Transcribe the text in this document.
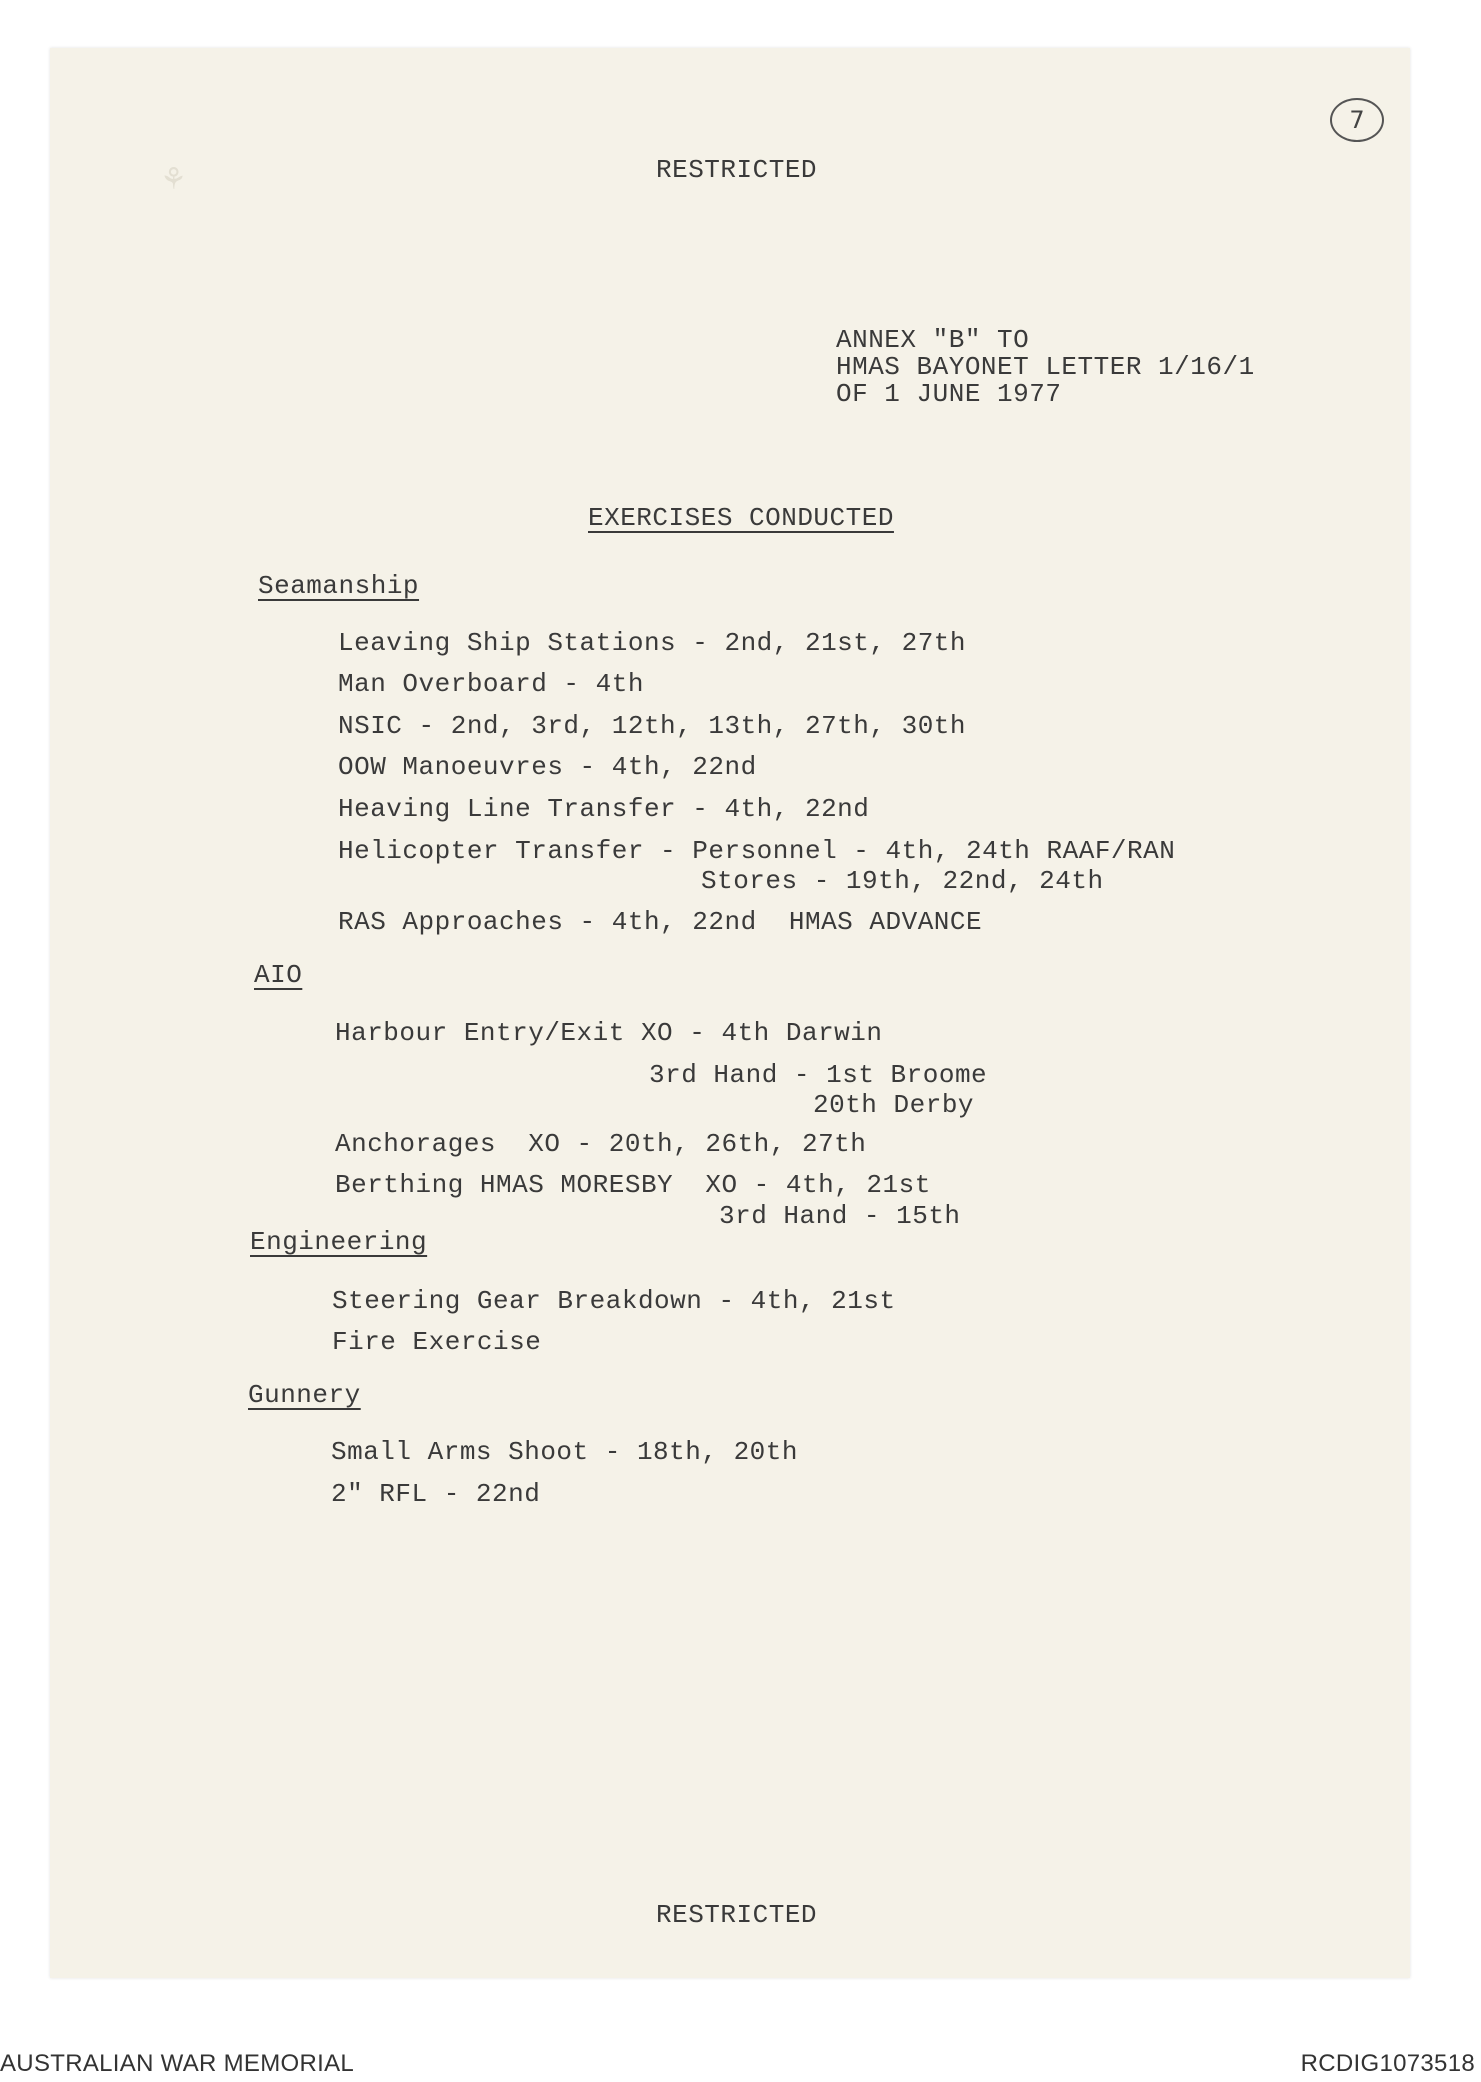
⚘
7
RESTRICTED
ANNEX "B" TO
HMAS BAYONET LETTER 1/16/1
OF 1 JUNE 1977
EXERCISES CONDUCTED
Seamanship
Leaving Ship Stations - 2nd, 21st, 27th
Man Overboard - 4th
NSIC - 2nd, 3rd, 12th, 13th, 27th, 30th
OOW Manoeuvres - 4th, 22nd
Heaving Line Transfer - 4th, 22nd
Helicopter Transfer - Personnel - 4th, 24th RAAF/RAN
Stores - 19th, 22nd, 24th
RAS Approaches - 4th, 22nd  HMAS ADVANCE
AIO
Harbour Entry/Exit XO - 4th Darwin
3rd Hand - 1st Broome
20th Derby
Anchorages  XO - 20th, 26th, 27th
Berthing HMAS MORESBY  XO - 4th, 21st
3rd Hand - 15th
Engineering
Steering Gear Breakdown - 4th, 21st
Fire Exercise
Gunnery
Small Arms Shoot - 18th, 20th
2" RFL - 22nd
RESTRICTED
AUSTRALIAN WAR MEMORIAL	RCDIG1073518
